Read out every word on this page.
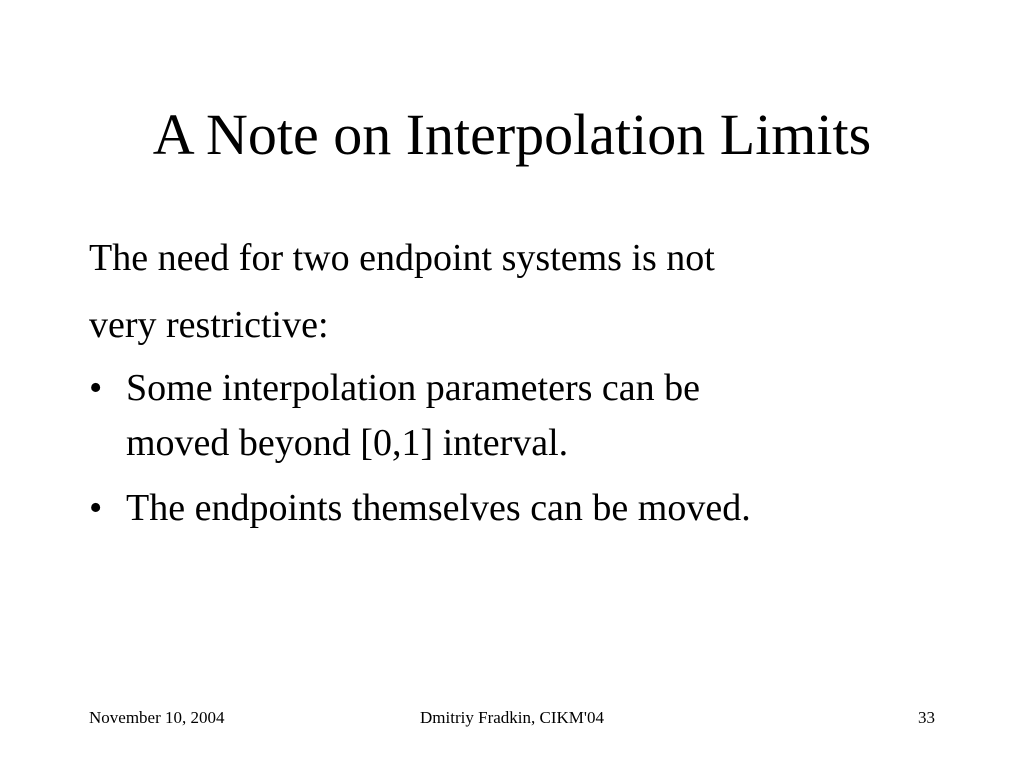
A Note on Interpolation Limits
The need for two endpoint systems is not
very restrictive:
• Some interpolation parameters can be
moved beyond [0,1] interval.
• The endpoints themselves can be moved.
November 10, 2004	Dmitriy Fradkin, CIKM'04	33
